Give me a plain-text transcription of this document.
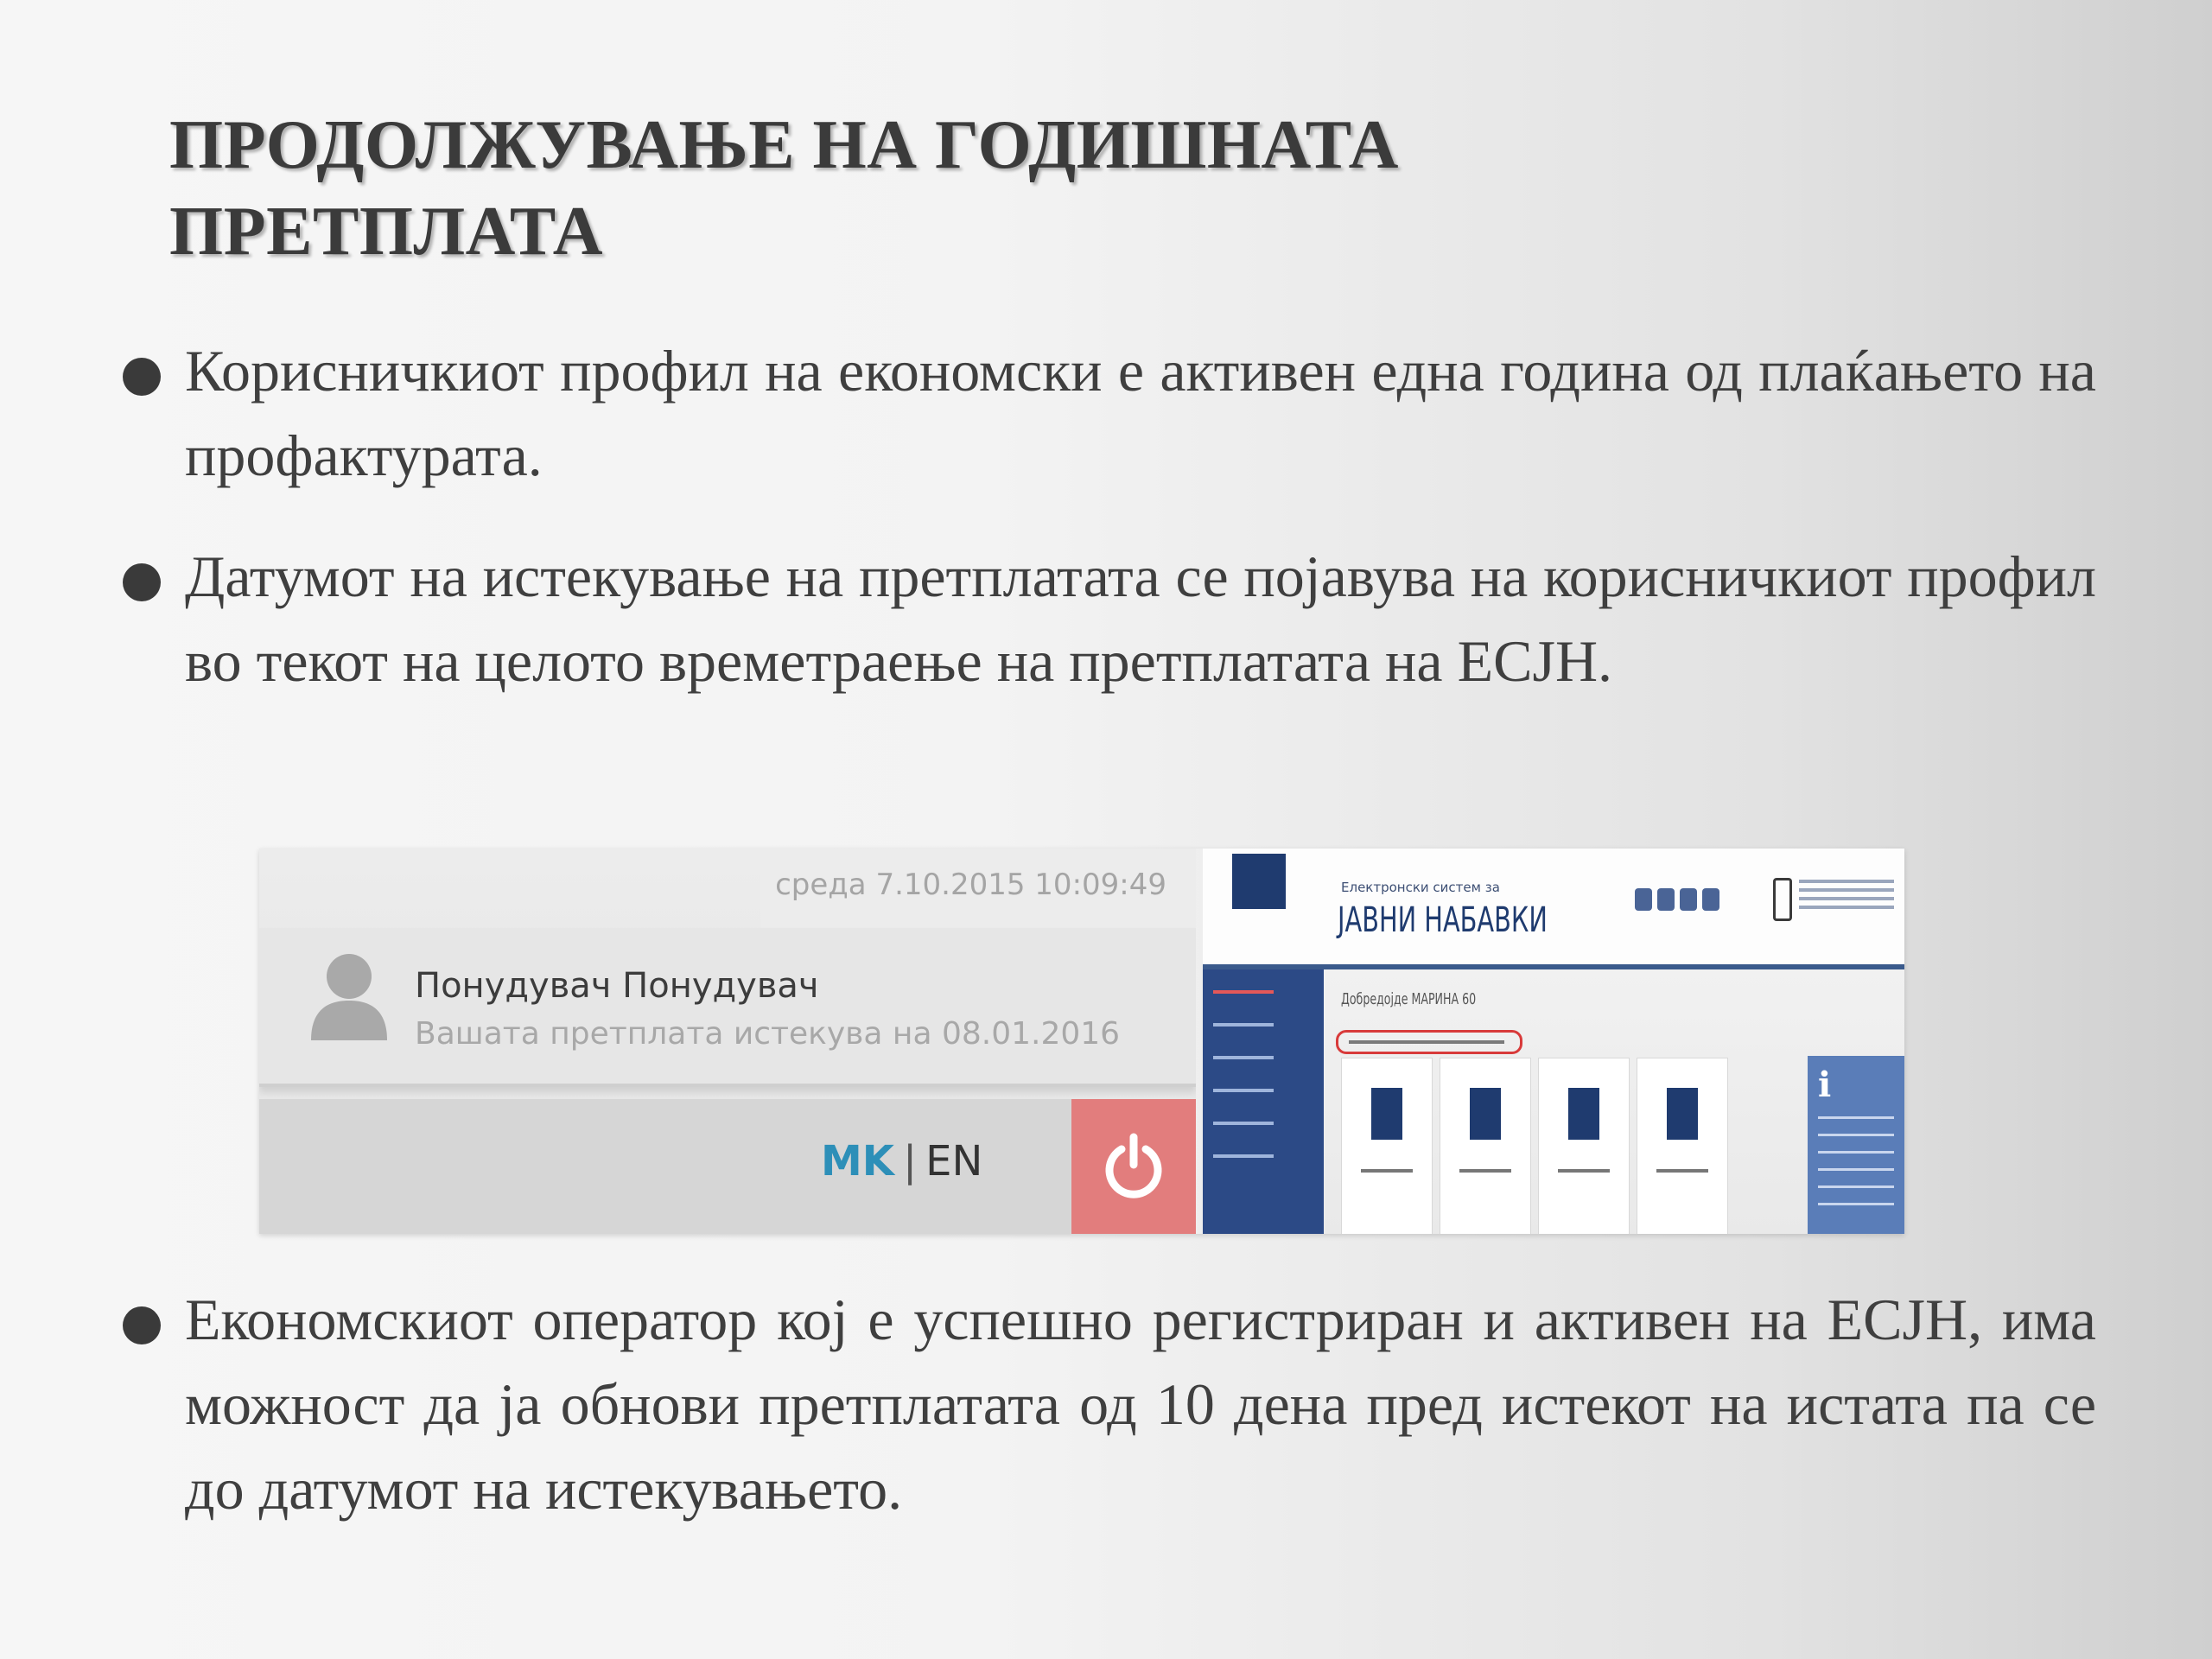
ПРОДОЛЖУВАЊЕ НА ГОДИШНАТА
ПРЕТПЛАТА
Корисничкиот профил на економски е активен една година од плаќањето на профактурата.
Датумот на истекување на претплатата се појавува на корисничкиот профил во текот на целото времетраење на претплатата на ЕСЈН.
Економскиот оператор кој е успешно регистриран и активен на ЕСЈН, има можност да ја обнови претплатата од 10 дена пред истекот на истата па се до датумот на истекувањето.
среда 7.10.2015 10:09:49
Понудувач Понудувач
Вашата претплата истекува на 08.01.2016
MK | EN
Електронски систем за
ЈАВНИ НАБАВКИ
Добредојде МАРИНА 60
i
